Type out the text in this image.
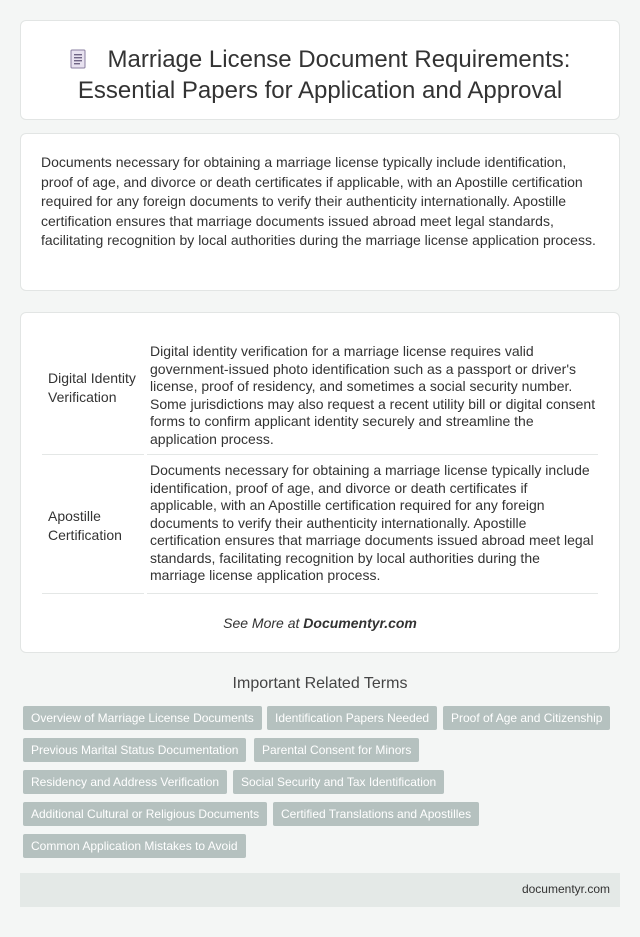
Marriage License Document Requirements: Essential Papers for Application and Approval

Documents necessary for obtaining a marriage license typically include identification, proof of age, and divorce or death certificates if applicable, with an Apostille certification required for any foreign documents to verify their authenticity internationally. Apostille certification ensures that marriage documents issued abroad meet legal standards, facilitating recognition by local authorities during the marriage license application process.

Digital Identity Verification
Digital identity verification for a marriage license requires valid government-issued photo identification such as a passport or driver's license, proof of residency, and sometimes a social security number. Some jurisdictions may also request a recent utility bill or digital consent forms to confirm applicant identity securely and streamline the application process.
Apostille Certification
Documents necessary for obtaining a marriage license typically include identification, proof of age, and divorce or death certificates if applicable, with an Apostille certification required for any foreign documents to verify their authenticity internationally. Apostille certification ensures that marriage documents issued abroad meet legal standards, facilitating recognition by local authorities during the marriage license application process.
See More at Documentyr.com
Important Related Terms
Overview of Marriage License Documents	Identification Papers Needed	Proof of Age and Citizenship
Previous Marital Status Documentation	Parental Consent for Minors
Residency and Address Verification	Social Security and Tax Identification
Additional Cultural or Religious Documents	Certified Translations and Apostilles
Common Application Mistakes to Avoid
documentyr.com
